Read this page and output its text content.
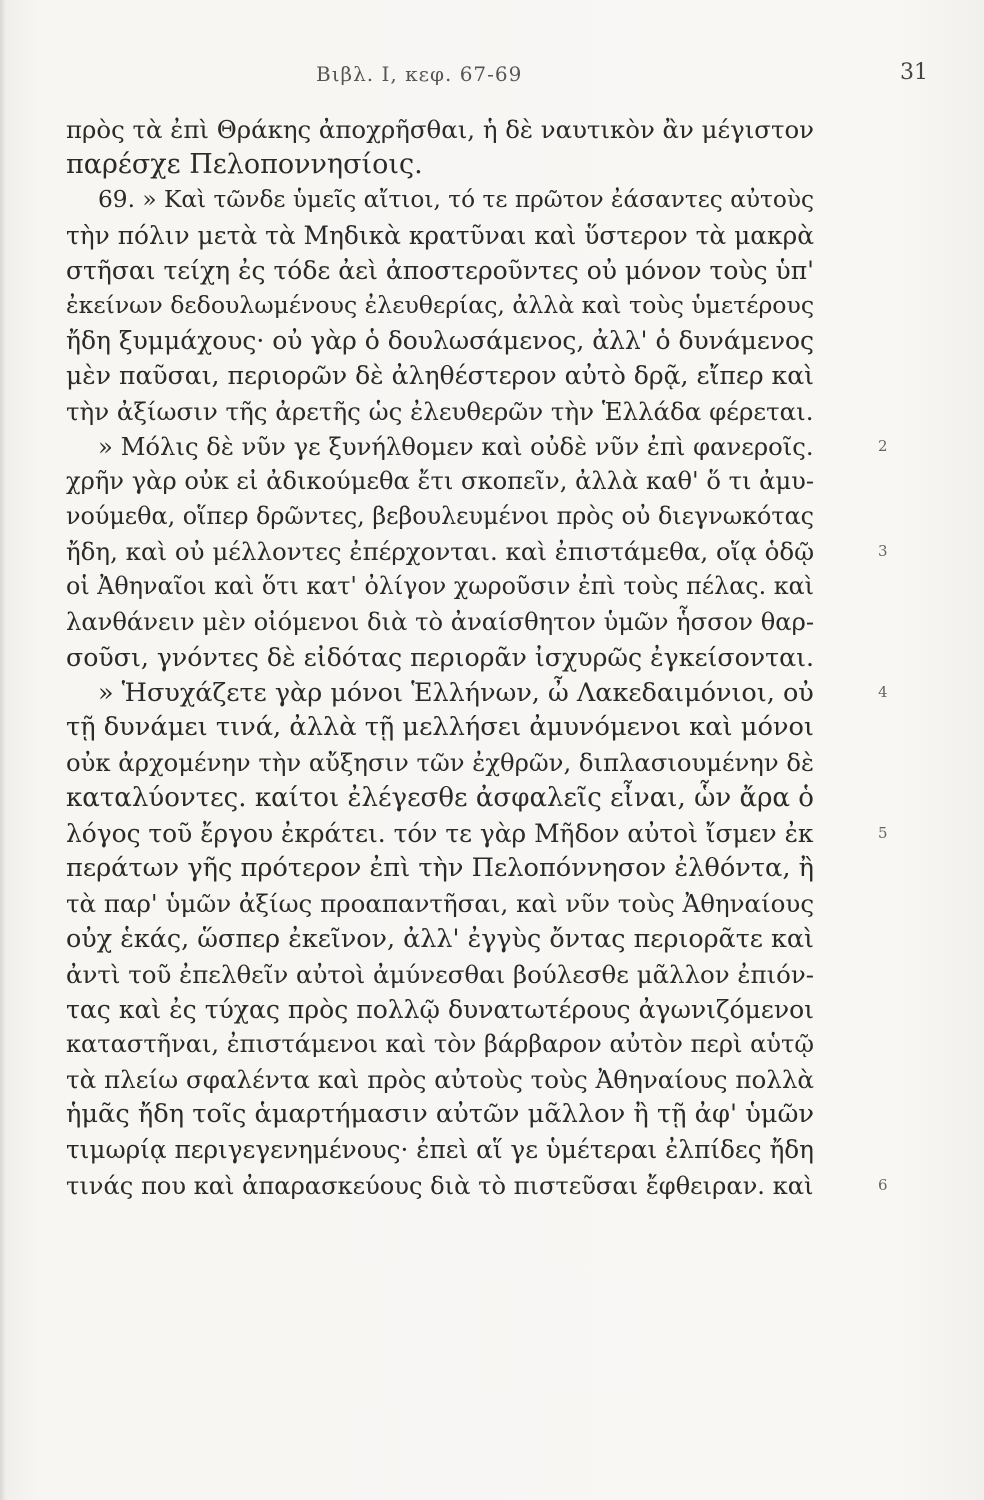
Βιβλ. Ι, κεφ. 67-69	31
πρὸς τὰ ἐπὶ Θράκης ἀποχρῆσθαι, ἡ δὲ ναυτικὸν ἂν μέγιστον
παρέσχε Πελοποννησίοις.
69. » Καὶ τῶνδε ὑμεῖς αἴτιοι, τό τε πρῶτον ἐάσαντες αὐτοὺς
τὴν πόλιν μετὰ τὰ Μηδικὰ κρατῦναι καὶ ὕστερον τὰ μακρὰ
στῆσαι τείχη ἐς τόδε ἀεὶ ἀποστεροῦντες οὐ μόνον τοὺς ὑπ'
ἐκείνων δεδουλωμένους ἐλευθερίας, ἀλλὰ καὶ τοὺς ὑμετέρους
ἤδη ξυμμάχους· οὐ γὰρ ὁ δουλωσάμενος, ἀλλ' ὁ δυνάμενος
μὲν παῦσαι, περιορῶν δὲ ἀληθέστερον αὐτὸ δρᾷ, εἴπερ καὶ
τὴν ἀξίωσιν τῆς ἀρετῆς ὡς ἐλευθερῶν τὴν Ἑλλάδα φέρεται.
» Μόλις δὲ νῦν γε ξυνήλθομεν καὶ οὐδὲ νῦν ἐπὶ φανεροῖς.	2
χρῆν γὰρ οὐκ εἰ ἀδικούμεθα ἔτι σκοπεῖν, ἀλλὰ καθ' ὅ τι ἀμυ-
νούμεθα, οἵπερ δρῶντες, βεβουλευμένοι πρὸς οὐ διεγνωκότας
ἤδη, καὶ οὐ μέλλοντες ἐπέρχονται. καὶ ἐπιστάμεθα, οἵᾳ ὁδῷ	3
οἱ Ἀθηναῖοι καὶ ὅτι κατ' ὀλίγον χωροῦσιν ἐπὶ τοὺς πέλας. καὶ
λανθάνειν μὲν οἰόμενοι διὰ τὸ ἀναίσθητον ὑμῶν ἧσσον θαρ-
σοῦσι, γνόντες δὲ εἰδότας περιορᾶν ἰσχυρῶς ἐγκείσονται.
» Ἡσυχάζετε γὰρ μόνοι Ἑλλήνων, ὦ Λακεδαιμόνιοι, οὐ	4
τῇ δυνάμει τινά, ἀλλὰ τῇ μελλήσει ἀμυνόμενοι καὶ μόνοι
οὐκ ἀρχομένην τὴν αὔξησιν τῶν ἐχθρῶν, διπλασιουμένην δὲ
καταλύοντες. καίτοι ἐλέγεσθε ἀσφαλεῖς εἶναι, ὧν ἄρα ὁ
λόγος τοῦ ἔργου ἐκράτει. τόν τε γὰρ Μῆδον αὐτοὶ ἴσμεν ἐκ	5
περάτων γῆς πρότερον ἐπὶ τὴν Πελοπόννησον ἐλθόντα, ἢ
τὰ παρ' ὑμῶν ἀξίως προαπαντῆσαι, καὶ νῦν τοὺς Ἀθηναίους
οὐχ ἑκάς, ὥσπερ ἐκεῖνον, ἀλλ' ἐγγὺς ὄντας περιορᾶτε καὶ
ἀντὶ τοῦ ἐπελθεῖν αὐτοὶ ἀμύνεσθαι βούλεσθε μᾶλλον ἐπιόν-
τας καὶ ἐς τύχας πρὸς πολλῷ δυνατωτέρους ἀγωνιζόμενοι
καταστῆναι, ἐπιστάμενοι καὶ τὸν βάρβαρον αὐτὸν περὶ αὑτῷ
τὰ πλείω σφαλέντα καὶ πρὸς αὐτοὺς τοὺς Ἀθηναίους πολλὰ
ἡμᾶς ἤδη τοῖς ἁμαρτήμασιν αὐτῶν μᾶλλον ἢ τῇ ἀφ' ὑμῶν
τιμωρίᾳ περιγεγενημένους· ἐπεὶ αἵ γε ὑμέτεραι ἐλπίδες ἤδη
τινάς που καὶ ἀπαρασκεύους διὰ τὸ πιστεῦσαι ἔφθειραν. καὶ	6
